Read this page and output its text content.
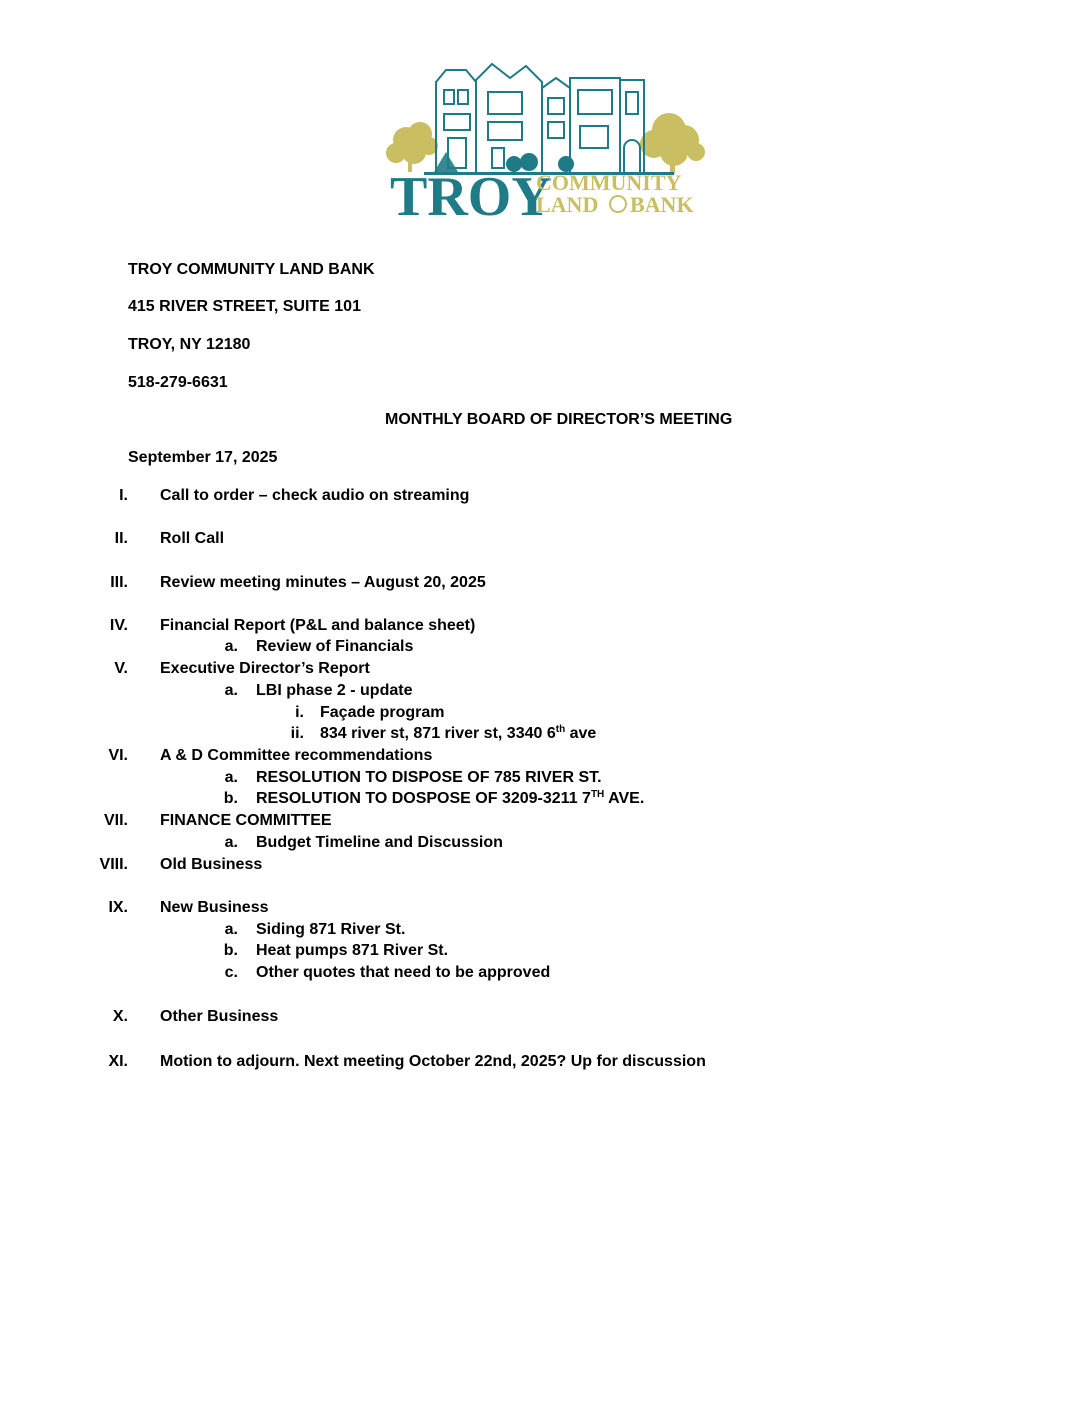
TROY
COMMUNITY
LAND BANK
TROY COMMUNITY LAND BANK
415 RIVER STREET, SUITE 101
TROY, NY 12180
518-279-6631
MONTHLY BOARD OF DIRECTOR’S MEETING
September 17, 2025
I. Call to order – check audio on streaming
II. Roll Call
III. Review meeting minutes – August 20, 2025
IV. Financial Report (P&L and balance sheet)
a. Review of Financials
V. Executive Director’s Report
a. LBI phase 2 - update
i. Façade program
ii. 834 river st, 871 river st, 3340 6th ave
VI. A & D Committee recommendations
a. RESOLUTION TO DISPOSE OF 785 RIVER ST.
b. RESOLUTION TO DOSPOSE OF 3209-3211 7TH AVE.
VII. FINANCE COMMITTEE
a. Budget Timeline and Discussion
VIII. Old Business
IX. New Business
a. Siding 871 River St.
b. Heat pumps 871 River St.
c. Other quotes that need to be approved
X. Other Business
XI. Motion to adjourn. Next meeting October 22nd, 2025? Up for discussion
